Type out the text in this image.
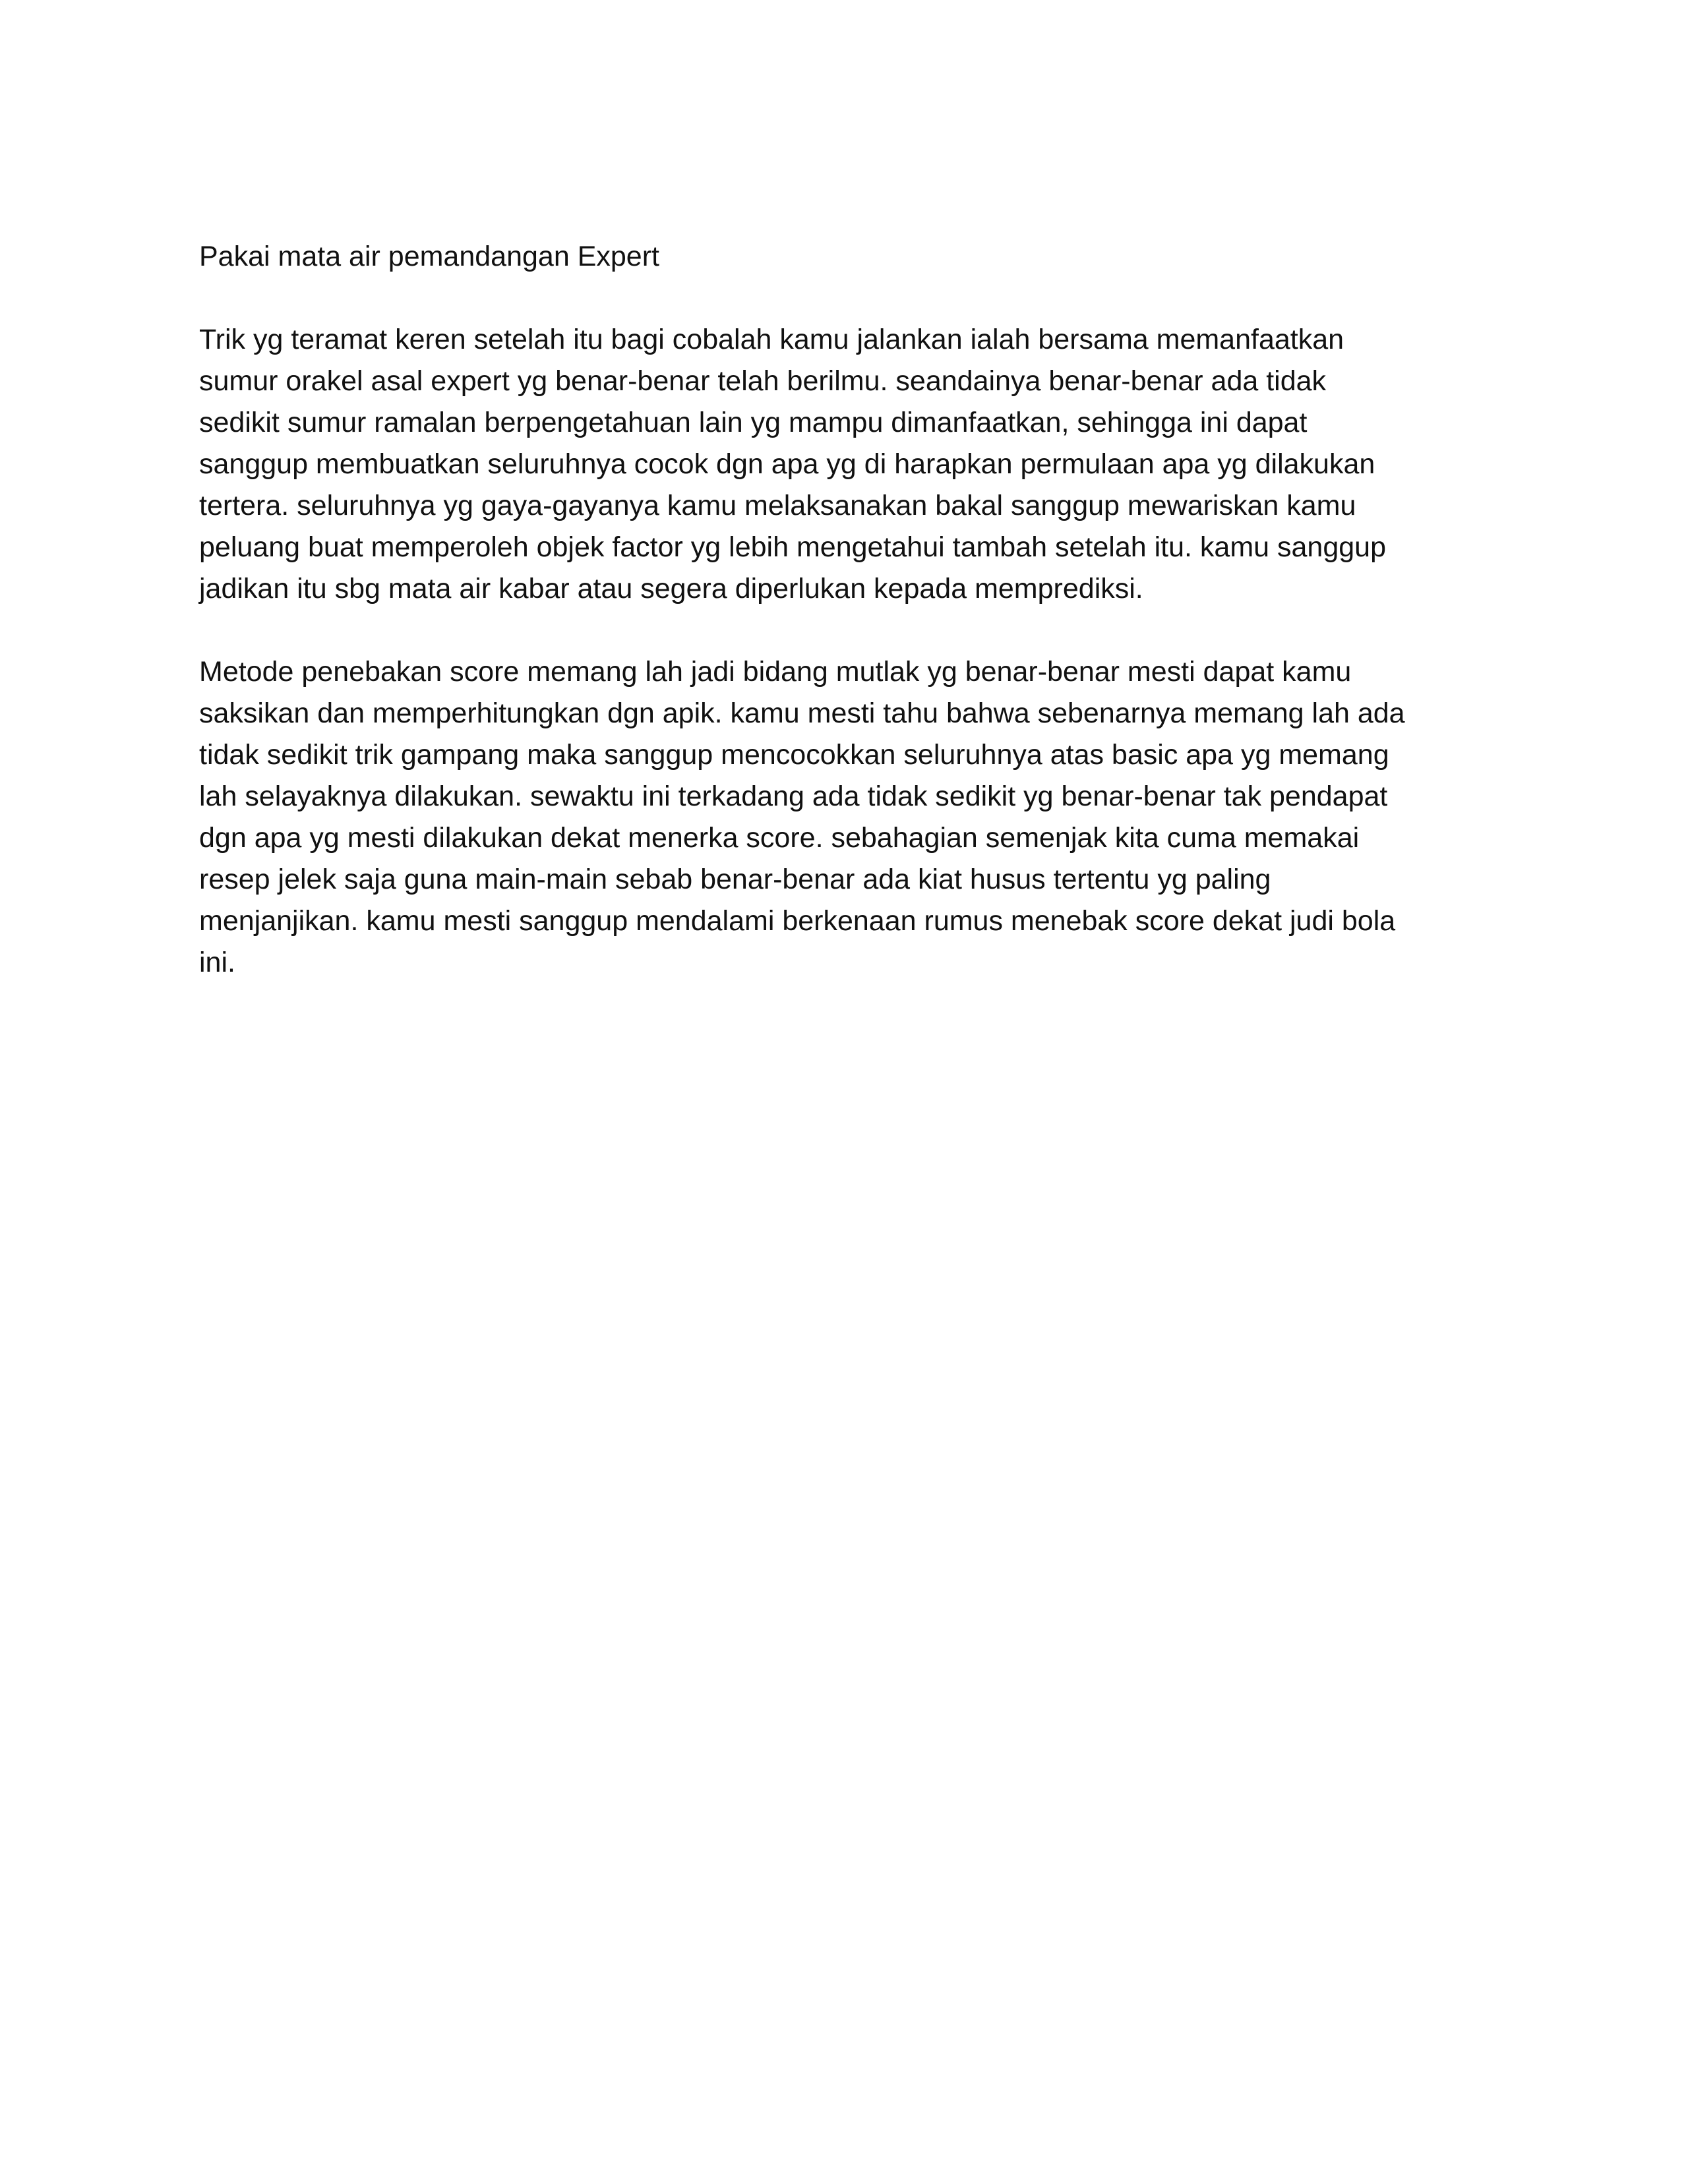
Pakai mata air pemandangan Expert

Trik yg teramat keren setelah itu bagi cobalah kamu jalankan ialah bersama memanfaatkan
sumur orakel asal expert yg benar-benar telah berilmu. seandainya benar-benar ada tidak
sedikit sumur ramalan berpengetahuan lain yg mampu dimanfaatkan, sehingga ini dapat
sanggup membuatkan seluruhnya cocok dgn apa yg di harapkan permulaan apa yg dilakukan
tertera. seluruhnya yg gaya-gayanya kamu melaksanakan bakal sanggup mewariskan kamu
peluang buat memperoleh objek factor yg lebih mengetahui tambah setelah itu. kamu sanggup
jadikan itu sbg mata air kabar atau segera diperlukan kepada memprediksi.

Metode penebakan score memang lah jadi bidang mutlak yg benar-benar mesti dapat kamu
saksikan dan memperhitungkan dgn apik. kamu mesti tahu bahwa sebenarnya memang lah ada
tidak sedikit trik gampang maka sanggup mencocokkan seluruhnya atas basic apa yg memang
lah selayaknya dilakukan. sewaktu ini terkadang ada tidak sedikit yg benar-benar tak pendapat
dgn apa yg mesti dilakukan dekat menerka score. sebahagian semenjak kita cuma memakai
resep jelek saja guna main-main sebab benar-benar ada kiat husus tertentu yg paling
menjanjikan. kamu mesti sanggup mendalami berkenaan rumus menebak score dekat judi bola
ini.
